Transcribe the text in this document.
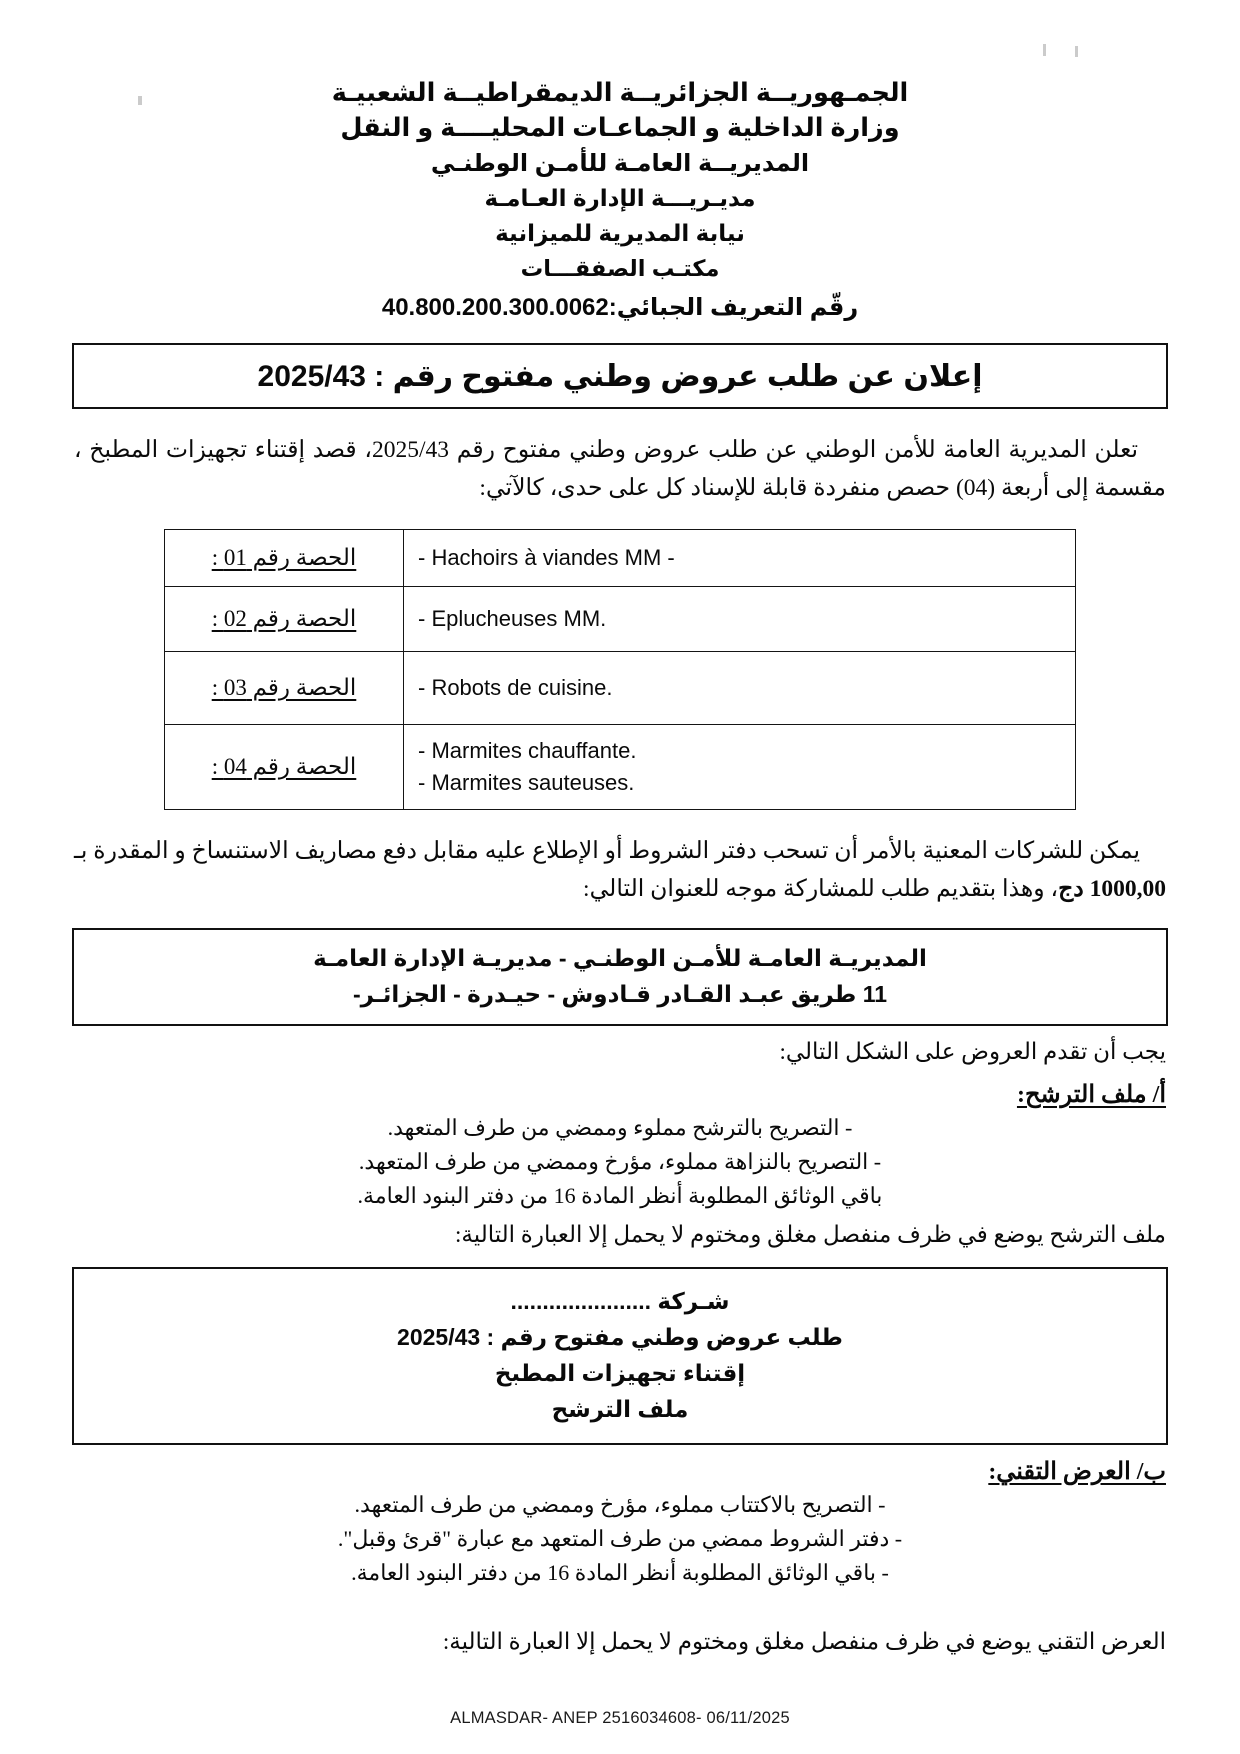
الجمـهوريــة الجزائريــة الديمقراطيــة الشعبيـة
وزارة الداخلية و الجماعـات المحليــــة و النقل
المديريــة العامـة للأمـن الوطنـي
مديـريـــة الإدارة العـامـة
نيابة المديرية للميزانية
مكتـب الصفقـــات
رقّم التعريف الجبائي:40.800.200.300.0062
إعلان عن طلب عروض وطني مفتوح رقم : 2025/43
تعلن المديرية العامة للأمن الوطني عن طلب عروض وطني مفتوح رقم 2025/43، قصد إقتناء تجهيزات المطبخ ، مقسمة إلى أربعة (04) حصص منفردة قابلة للإسناد كل على حدى، كالآتي:
- Hachoirs à viandes MM -	الحصة رقم 01 :

- Eplucheuses MM.	الحصة رقم 02 :

- Robots de cuisine.	الحصة رقم 03 :

- Marmites chauffante.
- Marmites sauteuses.	الحصة رقم 04 :
يمكن للشركات المعنية بالأمر أن تسحب دفتر الشروط أو الإطلاع عليه مقابل دفع مصاريف الاستنساخ و المقدرة بـ 1000,00 دج، وهذا بتقديم طلب للمشاركة موجه للعنوان التالي:
المديريـة العامـة للأمـن الوطنـي - مديريـة الإدارة العامـة
11 طريق عبـد القـادر قـادوش - حيـدرة - الجزائـر-
يجب أن تقدم العروض على الشكل التالي:
أ/ ملف الترشح:
- التصريح بالترشح مملوء وممضي من طرف المتعهد.
- التصريح بالنزاهة مملوء، مؤرخ وممضي من طرف المتعهد.
باقي الوثائق المطلوبة أنظر المادة 16 من دفتر البنود العامة.
ملف الترشح يوضع في ظرف منفصل مغلق ومختوم لا يحمل إلا العبارة التالية:
شـركة ......................
طلب عروض وطني مفتوح رقم : 2025/43
إقتناء تجهيزات المطبخ
ملف الترشح
ب/ العرض التقني:
- التصريح بالاكتتاب مملوء، مؤرخ وممضي من طرف المتعهد.
- دفتر الشروط ممضي من طرف المتعهد مع عبارة "قرئ وقبل".
- باقي الوثائق المطلوبة أنظر المادة 16 من دفتر البنود العامة.
العرض التقني يوضع في ظرف منفصل مغلق ومختوم لا يحمل إلا العبارة التالية:
ALMASDAR- ANEP 2516034608- 06/11/2025
